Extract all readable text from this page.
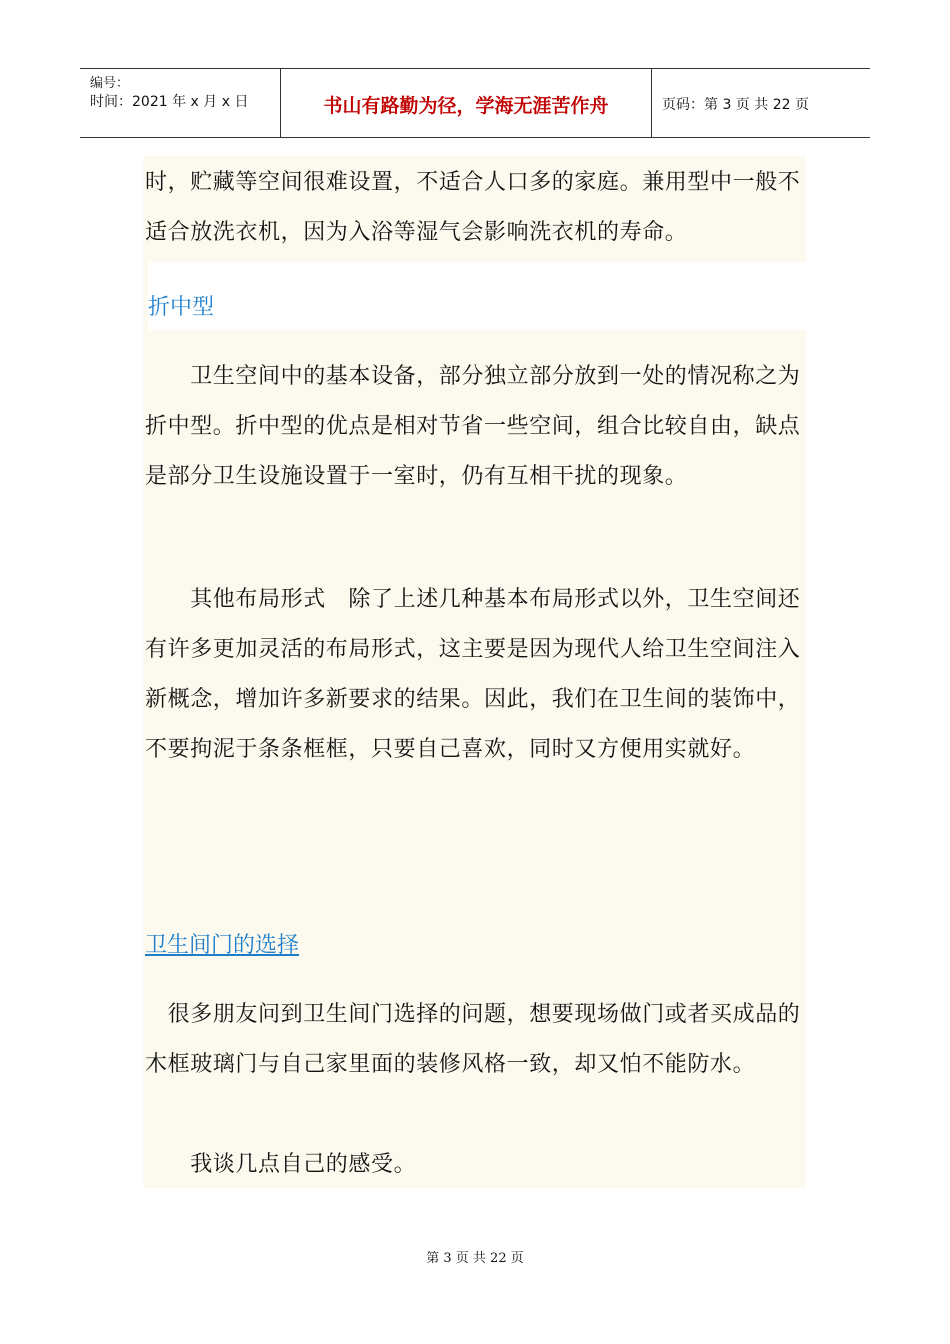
编号：
时间：2021 年 x 月 x 日	书山有路勤为径，学海无涯苦作舟	页码：第 3 页 共 22 页

时，贮藏等空间很难设置，不适合人口多的家庭。兼用型中一般不适合放洗衣机，因为入浴等湿气会影响洗衣机的寿命。

折中型

　　卫生空间中的基本设备，部分独立部分放到一处的情况称之为折中型。折中型的优点是相对节省一些空间，组合比较自由，缺点是部分卫生设施设置于一室时，仍有互相干扰的现象。

　　其他布局形式　除了上述几种基本布局形式以外，卫生空间还有许多更加灵活的布局形式，这主要是因为现代人给卫生空间注入新概念，增加许多新要求的结果。因此，我们在卫生间的装饰中，不要拘泥于条条框框，只要自己喜欢，同时又方便用实就好。

卫生间门的选择

　很多朋友问到卫生间门选择的问题，想要现场做门或者买成品的木框玻璃门与自己家里面的装修风格一致，却又怕不能防水。

　　我谈几点自己的感受。

第 3 页 共 22 页
